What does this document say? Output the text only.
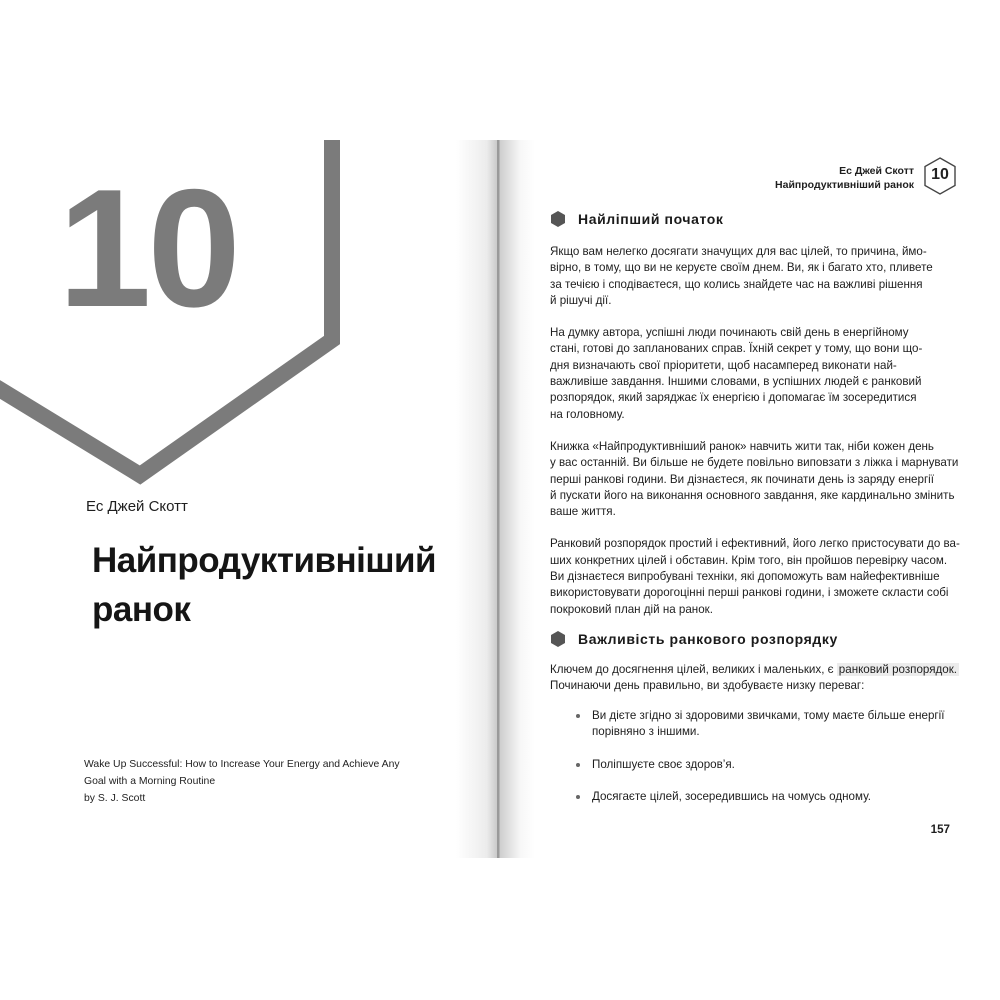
10
Ес Джей Скотт
Найпродуктивніший
ранок
Wake Up Successful: How to Increase Your Energy and Achieve Any
Goal with a Morning Routine
by S. J. Scott
Ес Джей Скотт
Найпродуктивніший ранок
10
Найліпший початок

Якщо вам нелегко досягати значущих для вас цілей, то причина, ймо-
вірно, в тому, що ви не керуєте своїм днем. Ви, як і багато хто, пливете
за течією і сподіваєтеся, що колись знайдете час на важливі рішення
й рішучі дії.

На думку автора, успішні люди починають свій день в енергійному
стані, готові до запланованих справ. Їхній секрет у тому, що вони що-
дня визначають свої пріоритети, щоб насамперед виконати най-
важливіше завдання. Іншими словами, в успішних людей є ранковий
розпорядок, який заряджає їх енергією і допомагає їм зосередитися
на головному.

Книжка «Найпродуктивніший ранок» навчить жити так, ніби кожен день
у вас останній. Ви більше не будете повільно виповзати з ліжка і марнувати
перші ранкові години. Ви дізнаєтеся, як починати день із заряду енергії
й пускати його на виконання основного завдання, яке кардинально змінить
ваше життя.

Ранковий розпорядок простий і ефективний, його легко пристосувати до ва-
ших конкретних цілей і обставин. Крім того, він пройшов перевірку часом.
Ви дізнаєтеся випробувані техніки, які допоможуть вам найефективніше
використовувати дорогоцінні перші ранкові години, і зможете скласти собі
покроковий план дій на ранок.

Важливість ранкового розпорядку

Ключем до досягнення цілей, великих і маленьких, є ранковий розпорядок.
Починаючи день правильно, ви здобуваєте низку переваг:

Ви дієте згідно зі здоровими звичками, тому маєте більше енергії
порівняно з іншими.
Поліпшуєте своє здоров’я.
Досягаєте цілей, зосередившись на чомусь одному.
157
